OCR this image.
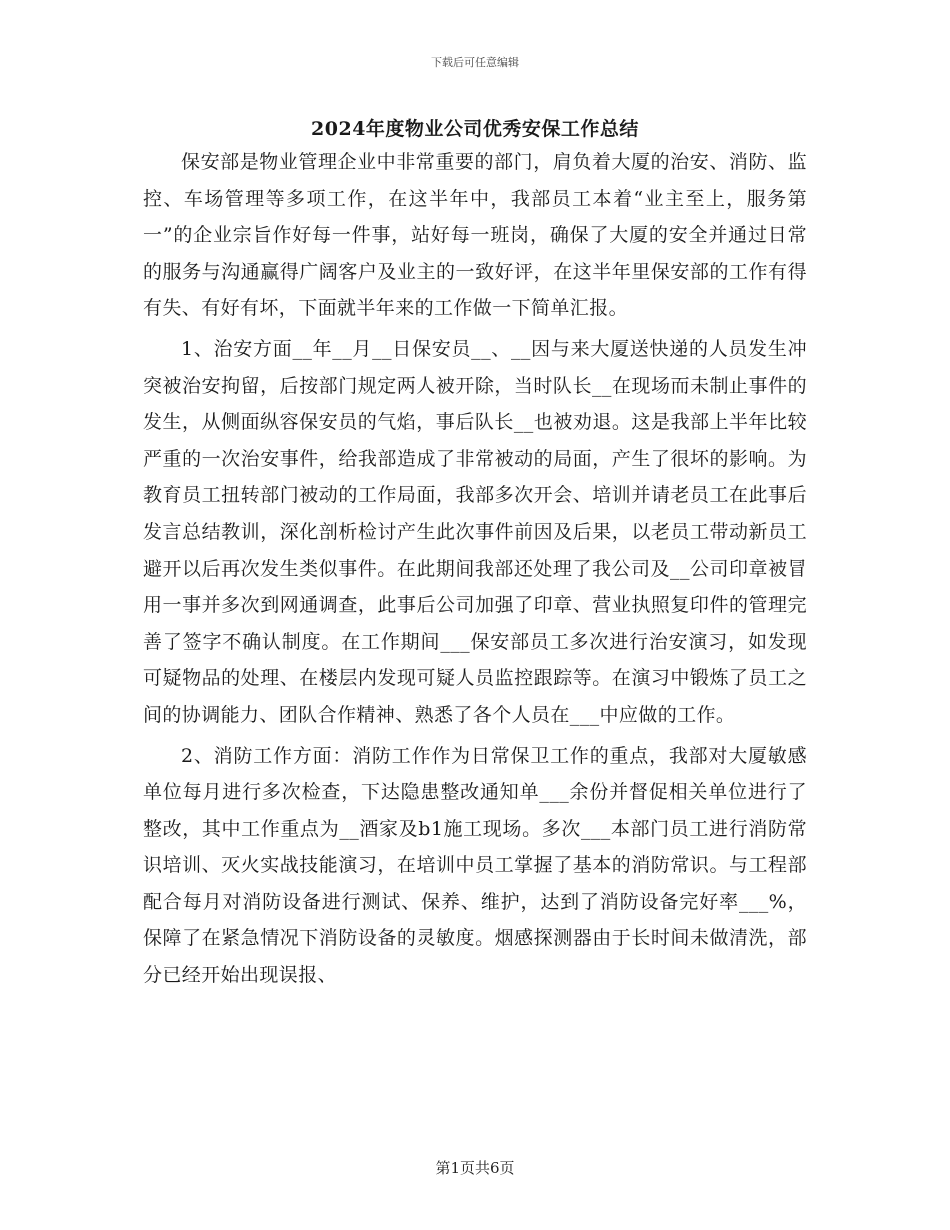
下载后可任意编辑
2024年度物业公司优秀安保工作总结

保安部是物业管理企业中非常重要的部门，肩负着大厦的治安、消防、监控、车场管理等多项工作，在这半年中，我部员工本着“业主至上，服务第一”的企业宗旨作好每一件事，站好每一班岗，确保了大厦的安全并通过日常的服务与沟通赢得广阔客户及业主的一致好评，在这半年里保安部的工作有得有失、有好有坏，下面就半年来的工作做一下简单汇报。

1、治安方面__年__月__日保安员__、__因与来大厦送快递的人员发生冲突被治安拘留，后按部门规定两人被开除，当时队长__在现场而未制止事件的发生，从侧面纵容保安员的气焰，事后队长__也被劝退。这是我部上半年比较严重的一次治安事件，给我部造成了非常被动的局面，产生了很坏的影响。为教育员工扭转部门被动的工作局面，我部多次开会、培训并请老员工在此事后发言总结教训，深化剖析检讨产生此次事件前因及后果，以老员工带动新员工避开以后再次发生类似事件。在此期间我部还处理了我公司及__公司印章被冒用一事并多次到网通调查，此事后公司加强了印章、营业执照复印件的管理完善了签字不确认制度。在工作期间___保安部员工多次进行治安演习，如发现可疑物品的处理、在楼层内发现可疑人员监控跟踪等。在演习中锻炼了员工之间的协调能力、团队合作精神、熟悉了各个人员在___中应做的工作。

2、消防工作方面：消防工作作为日常保卫工作的重点，我部对大厦敏感单位每月进行多次检查，下达隐患整改通知单___余份并督促相关单位进行了整改，其中工作重点为__酒家及b1施工现场。多次___本部门员工进行消防常识培训、灭火实战技能演习，在培训中员工掌握了基本的消防常识。与工程部配合每月对消防设备进行测试、保养、维护，达到了消防设备完好率___%，保障了在紧急情况下消防设备的灵敏度。烟感探测器由于长时间未做清洗，部分已经开始出现误报、

第1页共6页
